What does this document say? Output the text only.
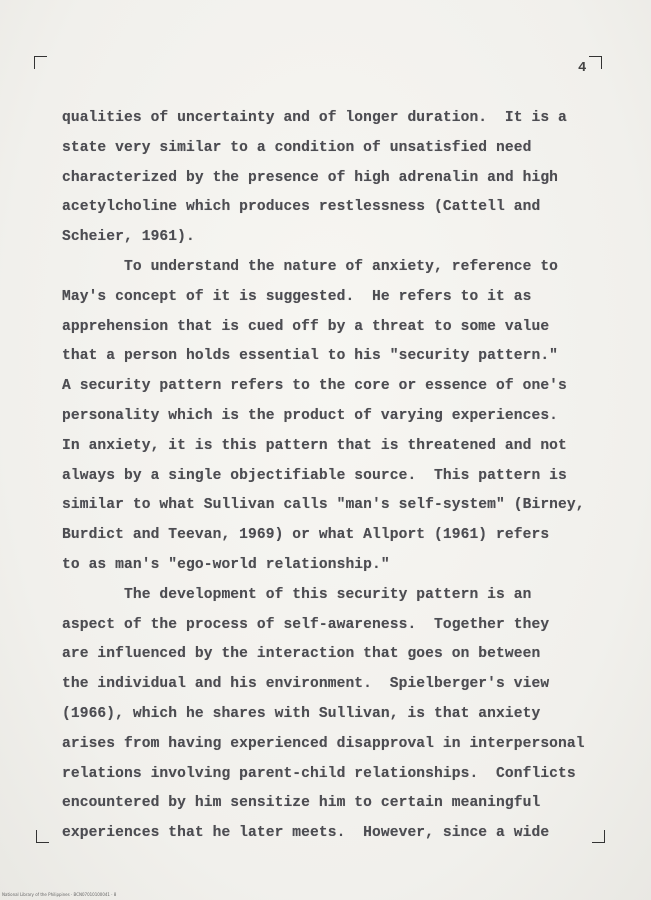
4
qualities of uncertainty and of longer duration.  It is a
state very similar to a condition of unsatisfied need
characterized by the presence of high adrenalin and high
acetylcholine which produces restlessness (Cattell and
Scheier, 1961).
To understand the nature of anxiety, reference to
May's concept of it is suggested.  He refers to it as
apprehension that is cued off by a threat to some value
that a person holds essential to his "security pattern."
A security pattern refers to the core or essence of one's
personality which is the product of varying experiences.
In anxiety, it is this pattern that is threatened and not
always by a single objectifiable source.  This pattern is
similar to what Sullivan calls "man's self-system" (Birney,
Burdict and Teevan, 1969) or what Allport (1961) refers
to as man's "ego-world relationship."
The development of this security pattern is an
aspect of the process of self-awareness.  Together they
are influenced by the interaction that goes on between
the individual and his environment.  Spielberger's view
(1966), which he shares with Sullivan, is that anxiety
arises from having experienced disapproval in interpersonal
relations involving parent-child relationships.  Conflicts
encountered by him sensitize him to certain meaningful
experiences that he later meets.  However, since a wide
National Library of the Philippines · BCN07010100041 · 8
